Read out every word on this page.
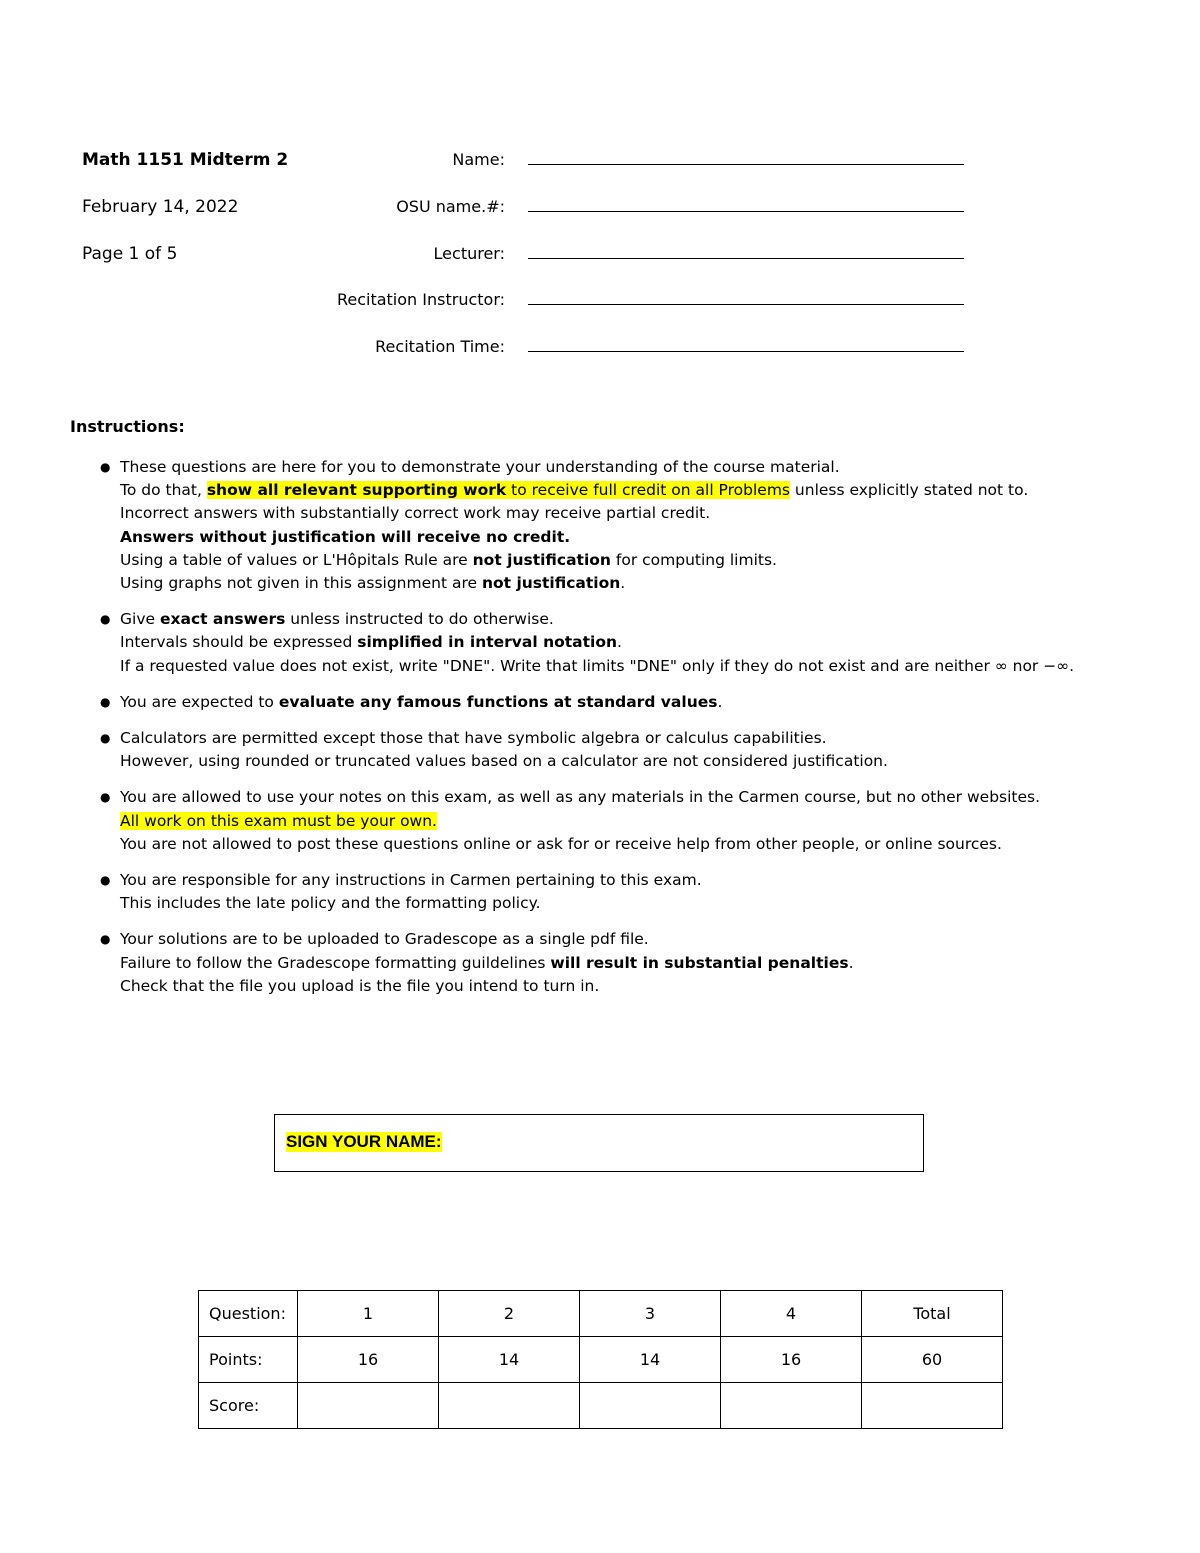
Math 1151 Midterm 2
February 14, 2022
Page 1 of 5
Name:
OSU name.#:
Lecturer:
Recitation Instructor:
Recitation Time:
Instructions:
● These questions are here for you to demonstrate your understanding of the course material.
To do that, show all relevant supporting work to receive full credit on all Problems unless explicitly stated not to.
Incorrect answers with substantially correct work may receive partial credit.
Answers without justification will receive no credit.
Using a table of values or L'Hôpitals Rule are not justification for computing limits.
Using graphs not given in this assignment are not justification.
● Give exact answers unless instructed to do otherwise.
Intervals should be expressed simplified in interval notation.
If a requested value does not exist, write "DNE". Write that limits "DNE" only if they do not exist and are neither ∞ nor −∞.
● You are expected to evaluate any famous functions at standard values.
● Calculators are permitted except those that have symbolic algebra or calculus capabilities.
However, using rounded or truncated values based on a calculator are not considered justification.
● You are allowed to use your notes on this exam, as well as any materials in the Carmen course, but no other websites.
All work on this exam must be your own.
You are not allowed to post these questions online or ask for or receive help from other people, or online sources.
● You are responsible for any instructions in Carmen pertaining to this exam.
This includes the late policy and the formatting policy.
● Your solutions are to be uploaded to Gradescope as a single pdf file.
Failure to follow the Gradescope formatting guildelines will result in substantial penalties.
Check that the file you upload is the file you intend to turn in.
SIGN YOUR NAME:
Question:	1	2	3	4	Total
Points:	16	14	14	16	60
Score:					
